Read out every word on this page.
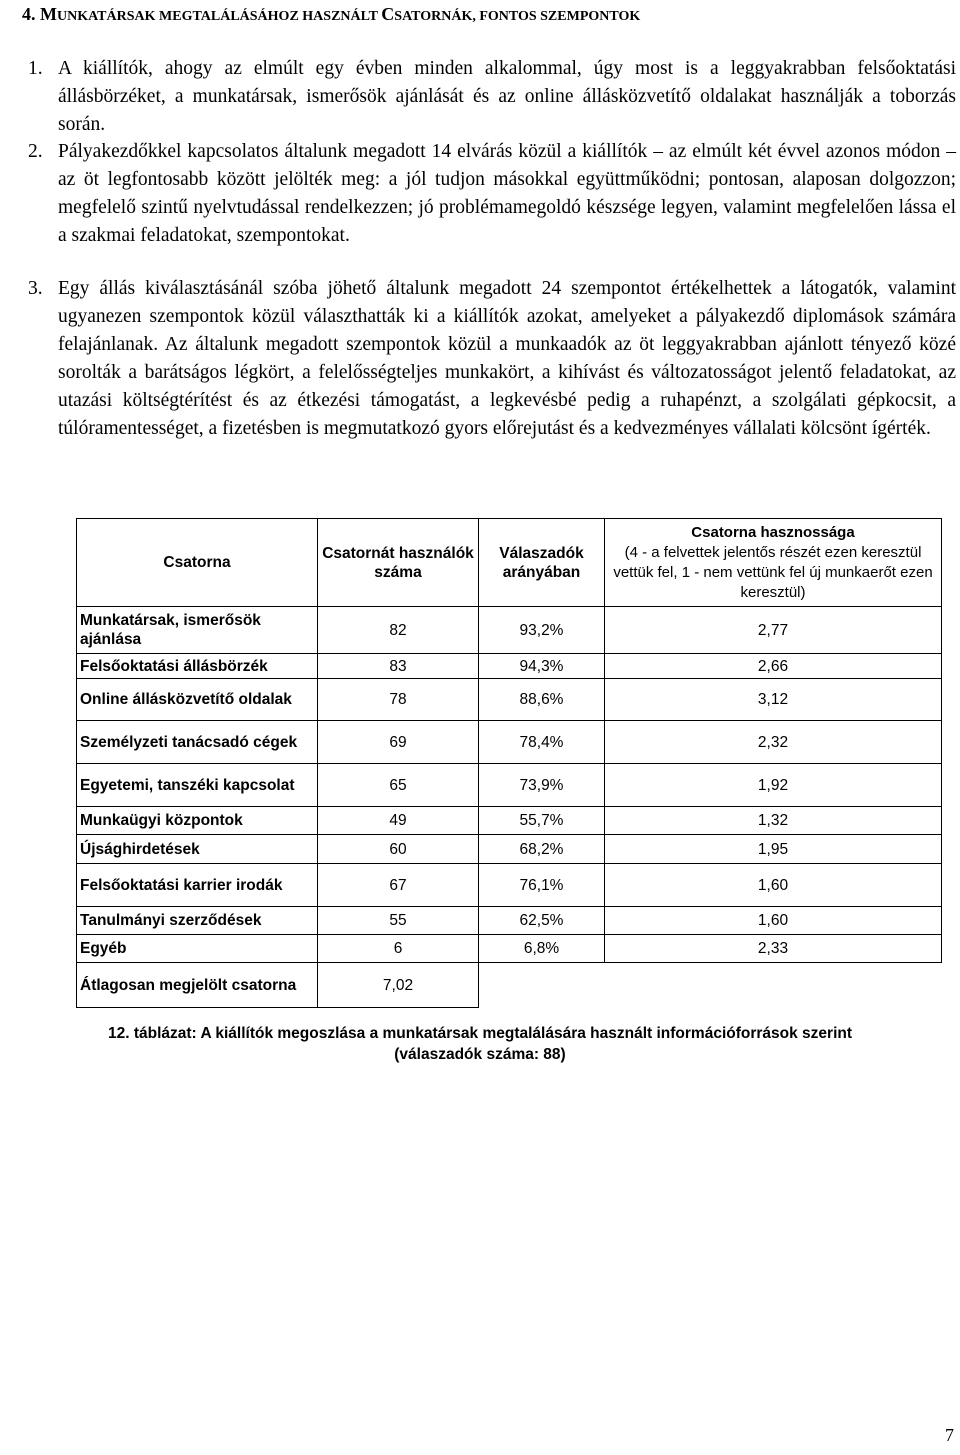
4. MUNKATÁRSAK MEGTALÁLÁSÁHOZ HASZNÁLT CSATORNÁK, FONTOS SZEMPONTOK
1. A kiállítók, ahogy az elmúlt egy évben minden alkalommal, úgy most is a leggyakrabban felsőoktatási állásbörzéket, a munkatársak, ismerősök ajánlását és az online állásközvetítő oldalakat használják a toborzás során.
2. Pályakezdőkkel kapcsolatos általunk megadott 14 elvárás közül a kiállítók – az elmúlt két évvel azonos módon – az öt legfontosabb között jelölték meg: a jól tudjon másokkal együttműködni; pontosan, alaposan dolgozzon; megfelelő szintű nyelvtudással rendelkezzen; jó problémamegoldó készsége legyen, valamint megfelelően lássa el a szakmai feladatokat, szempontokat.
3. Egy állás kiválasztásánál szóba jöhető általunk megadott 24 szempontot értékelhettek a látogatók, valamint ugyanezen szempontok közül választhatták ki a kiállítók azokat, amelyeket a pályakezdő diplomások számára felajánlanak. Az általunk megadott szempontok közül a munkaadók az öt leggyakrabban ajánlott tényező közé sorolták a barátságos légkört, a felelősségteljes munkakört, a kihívást és változatosságot jelentő feladatokat, az utazási költségtérítést és az étkezési támogatást, a legkevésbé pedig a ruhapénzt, a szolgálati gépkocsit, a túlóramentességet, a fizetésben is megmutatkozó gyors előrejutást és a kedvezményes vállalati kölcsönt ígérték.
Csatorna	Csatornát használók száma	Válaszadók arányában	Csatorna hasznossága
(4 - a felvettek jelentős részét ezen keresztül vettük fel, 1 - nem vettünk fel új munkaerőt ezen keresztül)
Munkatársak, ismerősök ajánlása	82	93,2%	2,77
Felsőoktatási állásbörzék	83	94,3%	2,66
Online állásközvetítő oldalak	78	88,6%	3,12
Személyzeti tanácsadó cégek	69	78,4%	2,32
Egyetemi, tanszéki kapcsolat	65	73,9%	1,92
Munkaügyi központok	49	55,7%	1,32
Újsághirdetések	60	68,2%	1,95
Felsőoktatási karrier irodák	67	76,1%	1,60
Tanulmányi szerződések	55	62,5%	1,60
Egyéb	6	6,8%	2,33
Átlagosan megjelölt csatorna	7,02		
12. táblázat: A kiállítók megoszlása a munkatársak megtalálására használt információforrások szerint
(válaszadók száma: 88)
7
